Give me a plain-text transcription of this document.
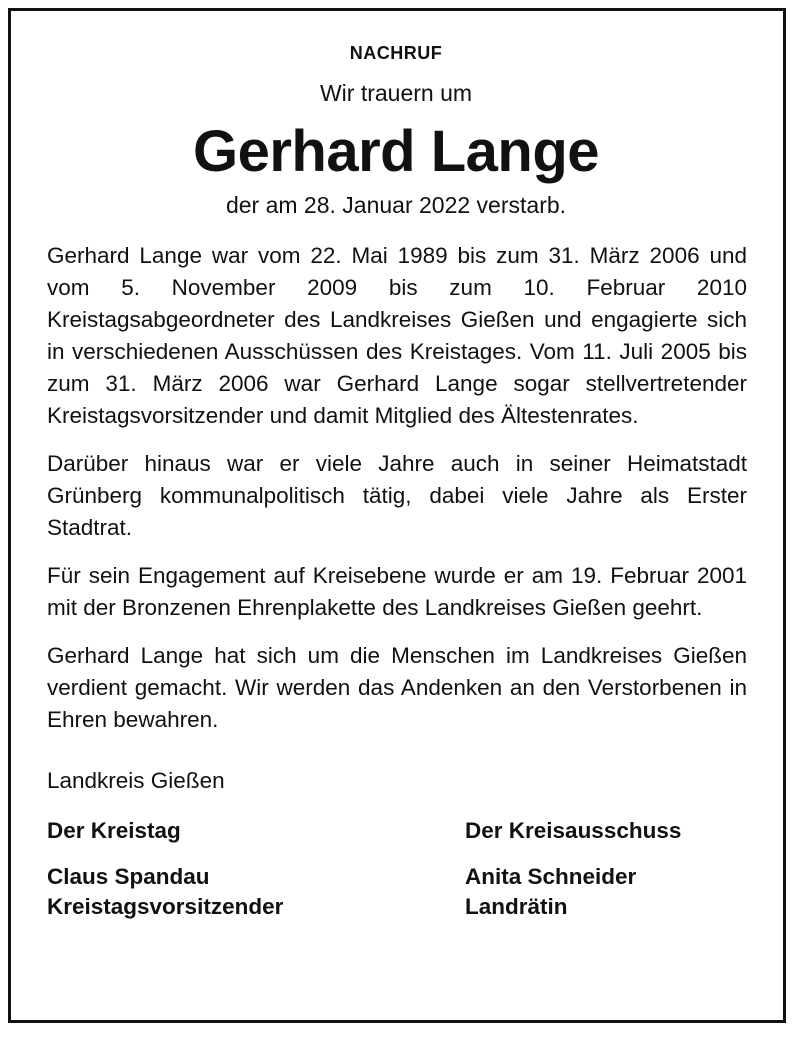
NACHRUF

Wir trauern um

Gerhard Lange

der am 28. Januar 2022 verstarb.

Gerhard Lange war vom 22. Mai 1989 bis zum 31. März 2006 und vom 5. November 2009 bis zum 10. Februar 2010 Kreistagsabgeordneter des Landkreises Gießen und engagierte sich in verschiedenen Ausschüssen des Kreistages. Vom 11. Juli 2005 bis zum 31. März 2006 war Gerhard Lange sogar stellvertretender Kreistagsvorsitzender und damit Mitglied des Ältestenrates.

Darüber hinaus war er viele Jahre auch in seiner Heimatstadt Grünberg kommunalpolitisch tätig, dabei viele Jahre als Erster Stadtrat.

Für sein Engagement auf Kreisebene wurde er am 19. Februar 2001 mit der Bronzenen Ehrenplakette des Landkreises Gießen geehrt.

Gerhard Lange hat sich um die Menschen im Landkreises Gießen verdient gemacht. Wir werden das Andenken an den Verstorbenen in Ehren bewahren.

Landkreis Gießen

Der Kreistag

Claus Spandau

Kreistagsvorsitzender

Der Kreisausschuss

Anita Schneider

Landrätin
